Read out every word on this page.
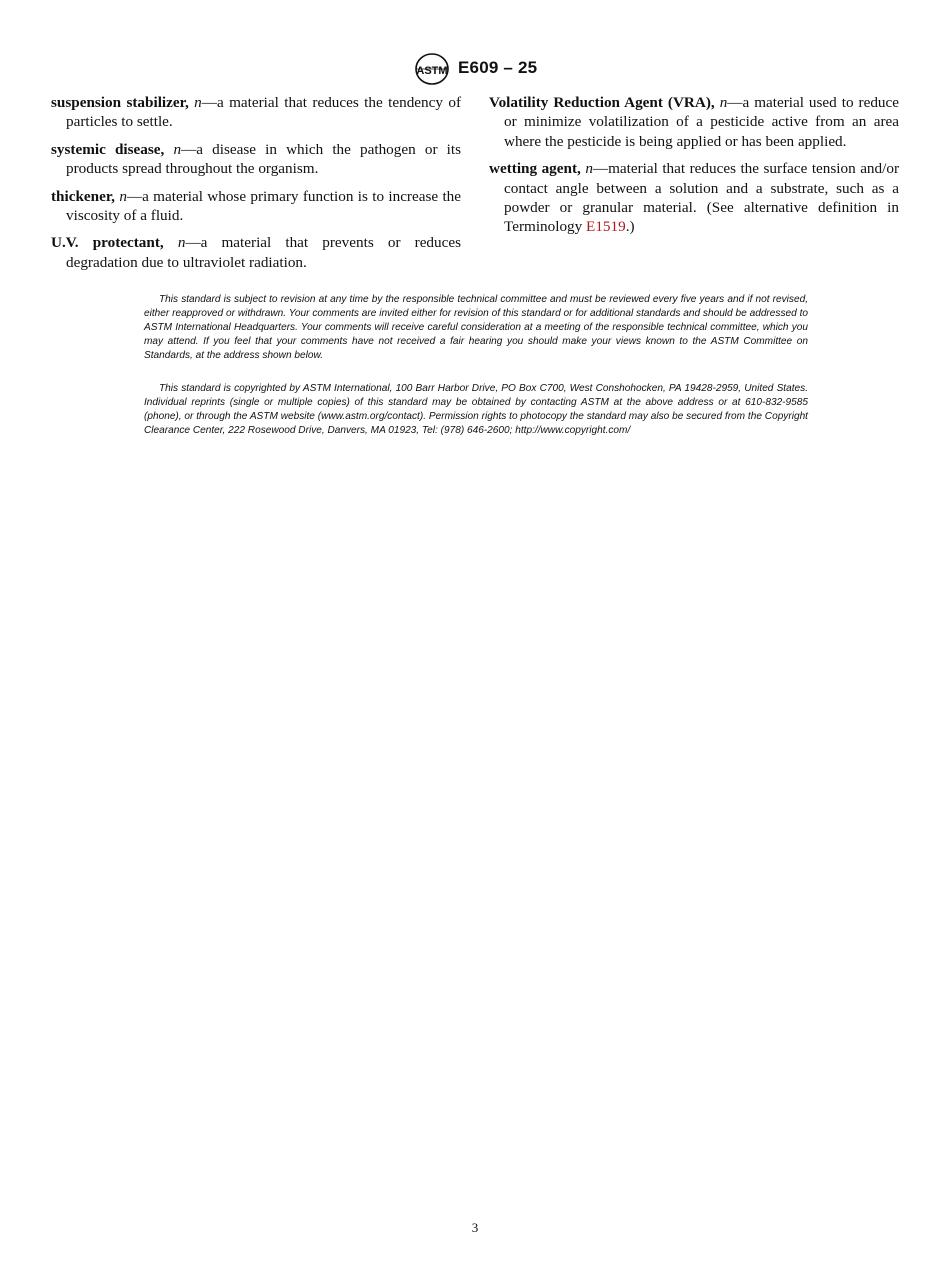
ASTM E609 – 25

suspension stabilizer, n—a material that reduces the tendency of particles to settle.

systemic disease, n—a disease in which the pathogen or its products spread throughout the organism.

thickener, n—a material whose primary function is to increase the viscosity of a fluid.

U.V. protectant, n—a material that prevents or reduces degradation due to ultraviolet radiation.

Volatility Reduction Agent (VRA), n—a material used to reduce or minimize volatilization of a pesticide active from an area where the pesticide is being applied or has been applied.

wetting agent, n—material that reduces the surface tension and/or contact angle between a solution and a substrate, such as a powder or granular material. (See alternative definition in Terminology E1519.)

This standard is subject to revision at any time by the responsible technical committee and must be reviewed every five years and if not revised, either reapproved or withdrawn. Your comments are invited either for revision of this standard or for additional standards and should be addressed to ASTM International Headquarters. Your comments will receive careful consideration at a meeting of the responsible technical committee, which you may attend. If you feel that your comments have not received a fair hearing you should make your views known to the ASTM Committee on Standards, at the address shown below.

This standard is copyrighted by ASTM International, 100 Barr Harbor Drive, PO Box C700, West Conshohocken, PA 19428-2959, United States. Individual reprints (single or multiple copies) of this standard may be obtained by contacting ASTM at the above address or at 610-832-9585 (phone), or through the ASTM website (www.astm.org/contact). Permission rights to photocopy the standard may also be secured from the Copyright Clearance Center, 222 Rosewood Drive, Danvers, MA 01923, Tel: (978) 646-2600; http://www.copyright.com/

3
